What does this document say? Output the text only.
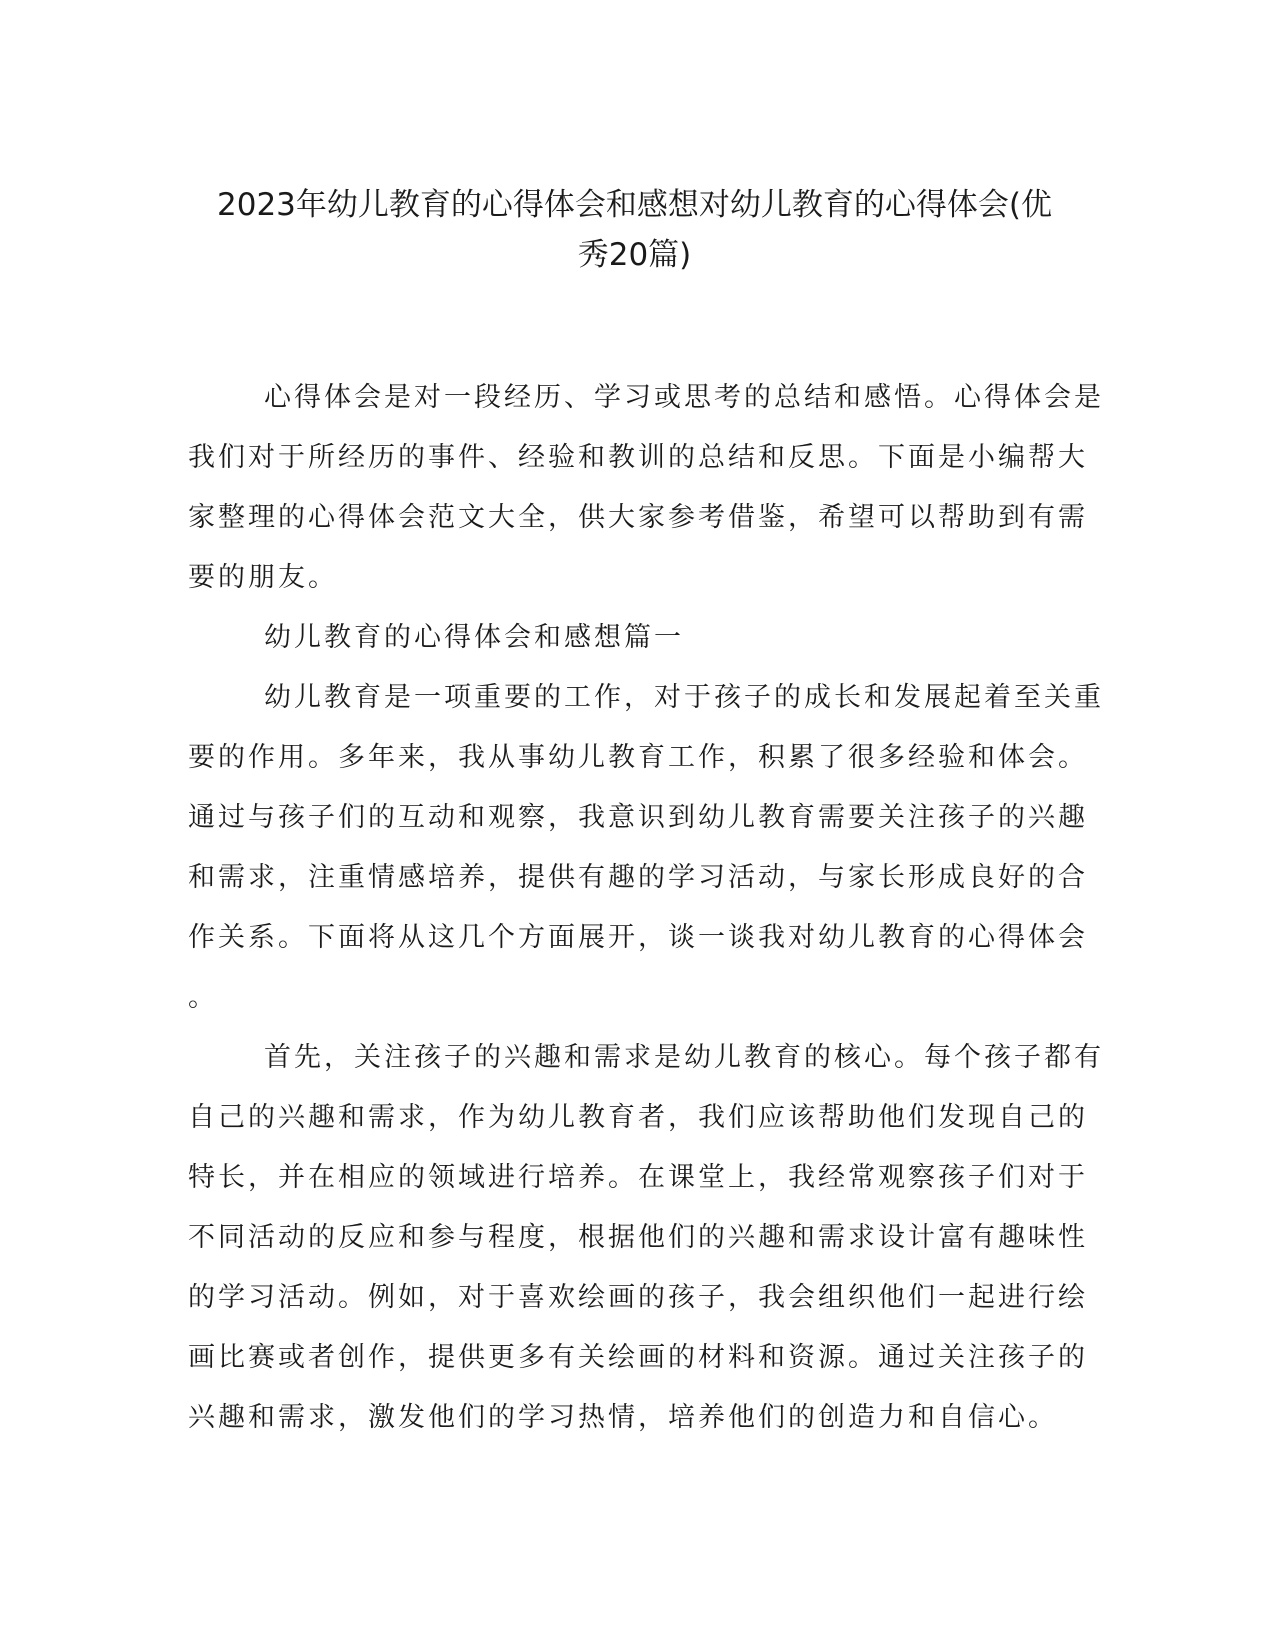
2023年幼儿教育的心得体会和感想对幼儿教育的心得体会(优
秀20篇)
心得体会是对一段经历、学习或思考的总结和感悟。心得体会是
我们对于所经历的事件、经验和教训的总结和反思。下面是小编帮大
家整理的心得体会范文大全，供大家参考借鉴，希望可以帮助到有需
要的朋友。
幼儿教育的心得体会和感想篇一
幼儿教育是一项重要的工作，对于孩子的成长和发展起着至关重
要的作用。多年来，我从事幼儿教育工作，积累了很多经验和体会。
通过与孩子们的互动和观察，我意识到幼儿教育需要关注孩子的兴趣
和需求，注重情感培养，提供有趣的学习活动，与家长形成良好的合
作关系。下面将从这几个方面展开，谈一谈我对幼儿教育的心得体会
。
首先，关注孩子的兴趣和需求是幼儿教育的核心。每个孩子都有
自己的兴趣和需求，作为幼儿教育者，我们应该帮助他们发现自己的
特长，并在相应的领域进行培养。在课堂上，我经常观察孩子们对于
不同活动的反应和参与程度，根据他们的兴趣和需求设计富有趣味性
的学习活动。例如，对于喜欢绘画的孩子，我会组织他们一起进行绘
画比赛或者创作，提供更多有关绘画的材料和资源。通过关注孩子的
兴趣和需求，激发他们的学习热情，培养他们的创造力和自信心。
